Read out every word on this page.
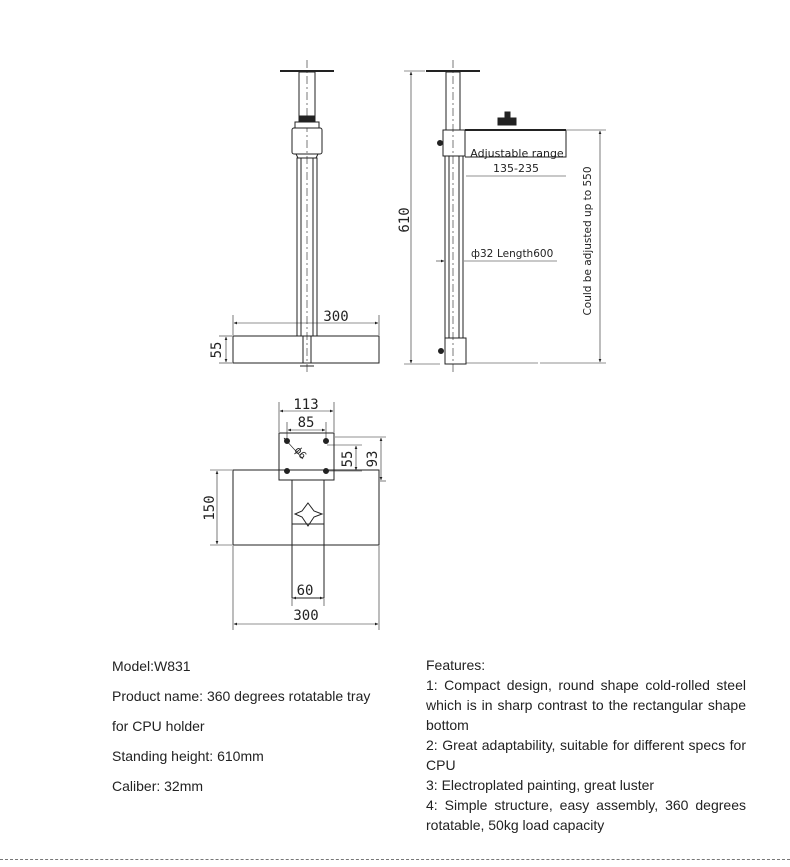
300
55
610
Adjustable range
135-235
ф32 Length600	Could be adjusted up to 550
113
85
ф6 55 93
150
60
300
Model:W831
Product name: 360 degrees rotatable tray
for CPU holder
Standing height: 610mm
Caliber: 32mm
Features:
1: Compact design, round shape cold-rolled steel which is in sharp contrast to the rectangular shape bottom
2: Great adaptability, suitable for different specs for CPU
3: Electroplated painting, great luster
4: Simple structure, easy assembly, 360 degrees rotatable, 50kg load capacity
